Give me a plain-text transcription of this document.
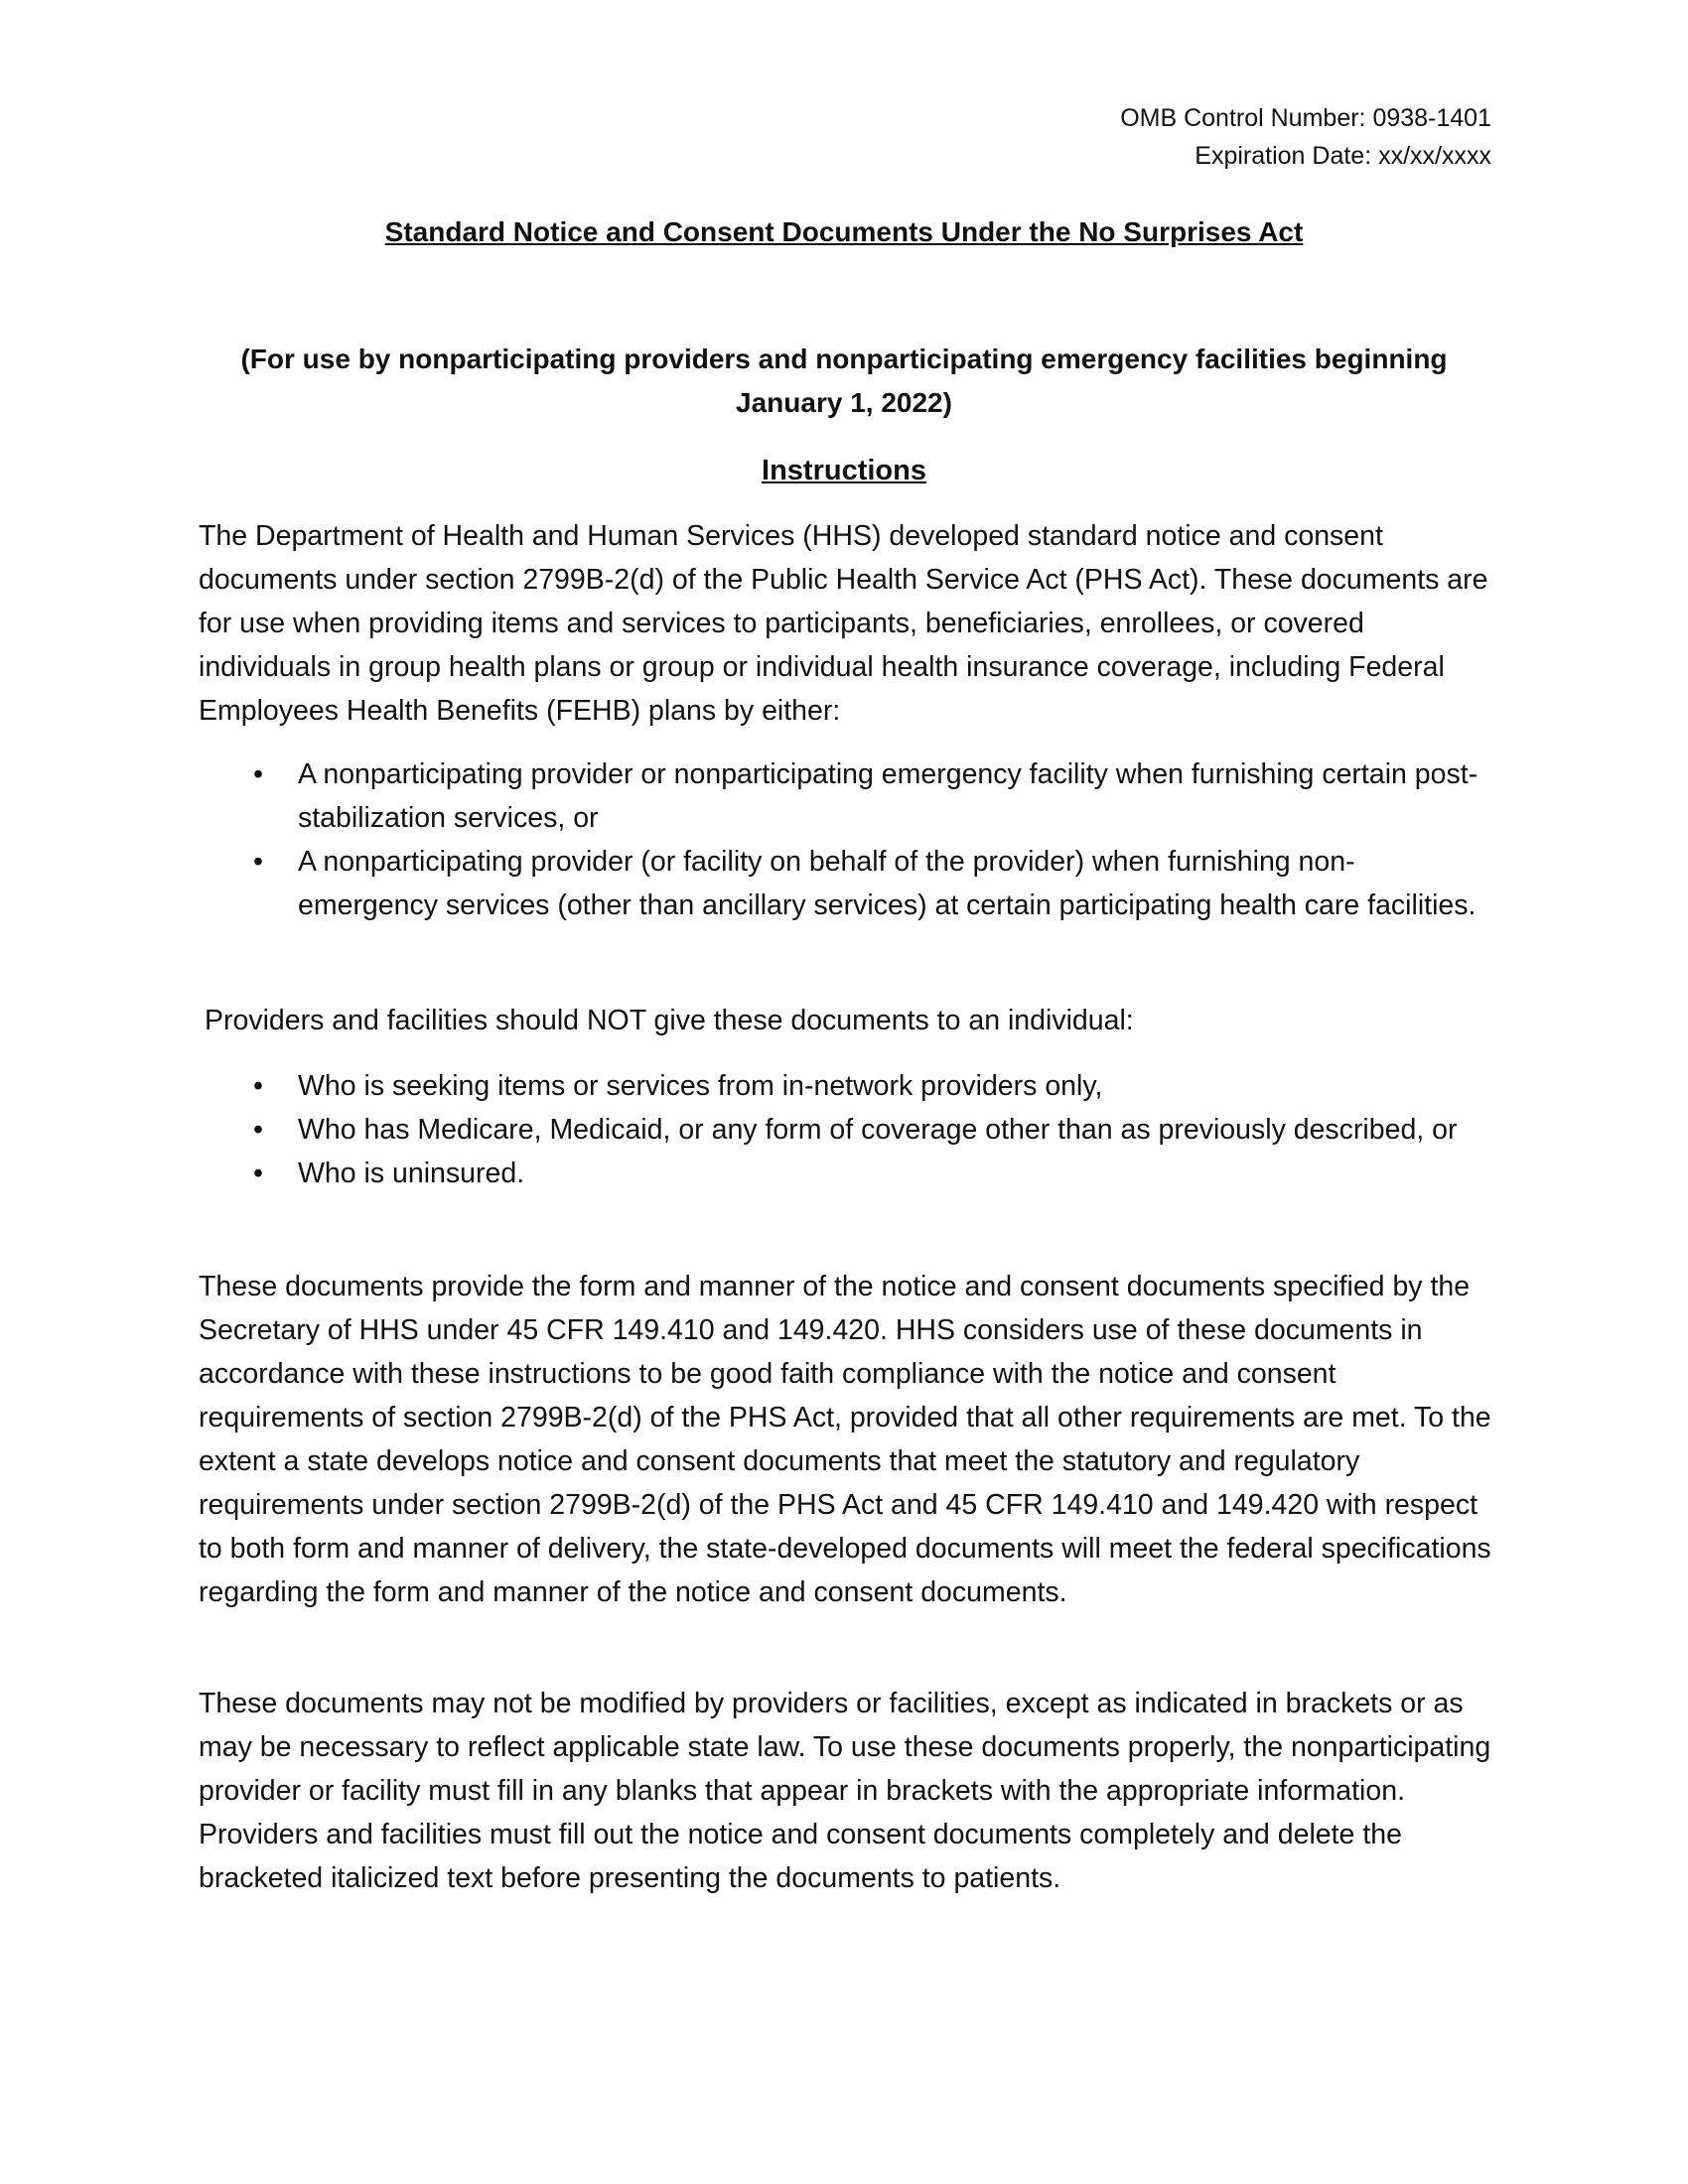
OMB Control Number: 0938-1401
Expiration Date: xx/xx/xxxx
Standard Notice and Consent Documents Under the No Surprises Act
(For use by nonparticipating providers and nonparticipating emergency facilities beginning January 1, 2022)
Instructions

The Department of Health and Human Services (HHS) developed standard notice and consent documents under section 2799B-2(d) of the Public Health Service Act (PHS Act). These documents are for use when providing items and services to participants, beneficiaries, enrollees, or covered individuals in group health plans or group or individual health insurance coverage, including Federal Employees Health Benefits (FEHB) plans by either:

• A nonparticipating provider or nonparticipating emergency facility when furnishing certain post-stabilization services, or
• A nonparticipating provider (or facility on behalf of the provider) when furnishing non-emergency services (other than ancillary services) at certain participating health care facilities.

Providers and facilities should NOT give these documents to an individual:

• Who is seeking items or services from in-network providers only,
• Who has Medicare, Medicaid, or any form of coverage other than as previously described, or
• Who is uninsured.

These documents provide the form and manner of the notice and consent documents specified by the Secretary of HHS under 45 CFR 149.410 and 149.420. HHS considers use of these documents in accordance with these instructions to be good faith compliance with the notice and consent requirements of section 2799B-2(d) of the PHS Act, provided that all other requirements are met. To the extent a state develops notice and consent documents that meet the statutory and regulatory requirements under section 2799B-2(d) of the PHS Act and 45 CFR 149.410 and 149.420 with respect to both form and manner of delivery, the state-developed documents will meet the federal specifications regarding the form and manner of the notice and consent documents.

These documents may not be modified by providers or facilities, except as indicated in brackets or as may be necessary to reflect applicable state law. To use these documents properly, the nonparticipating provider or facility must fill in any blanks that appear in brackets with the appropriate information. Providers and facilities must fill out the notice and consent documents completely and delete the bracketed italicized text before presenting the documents to patients.
